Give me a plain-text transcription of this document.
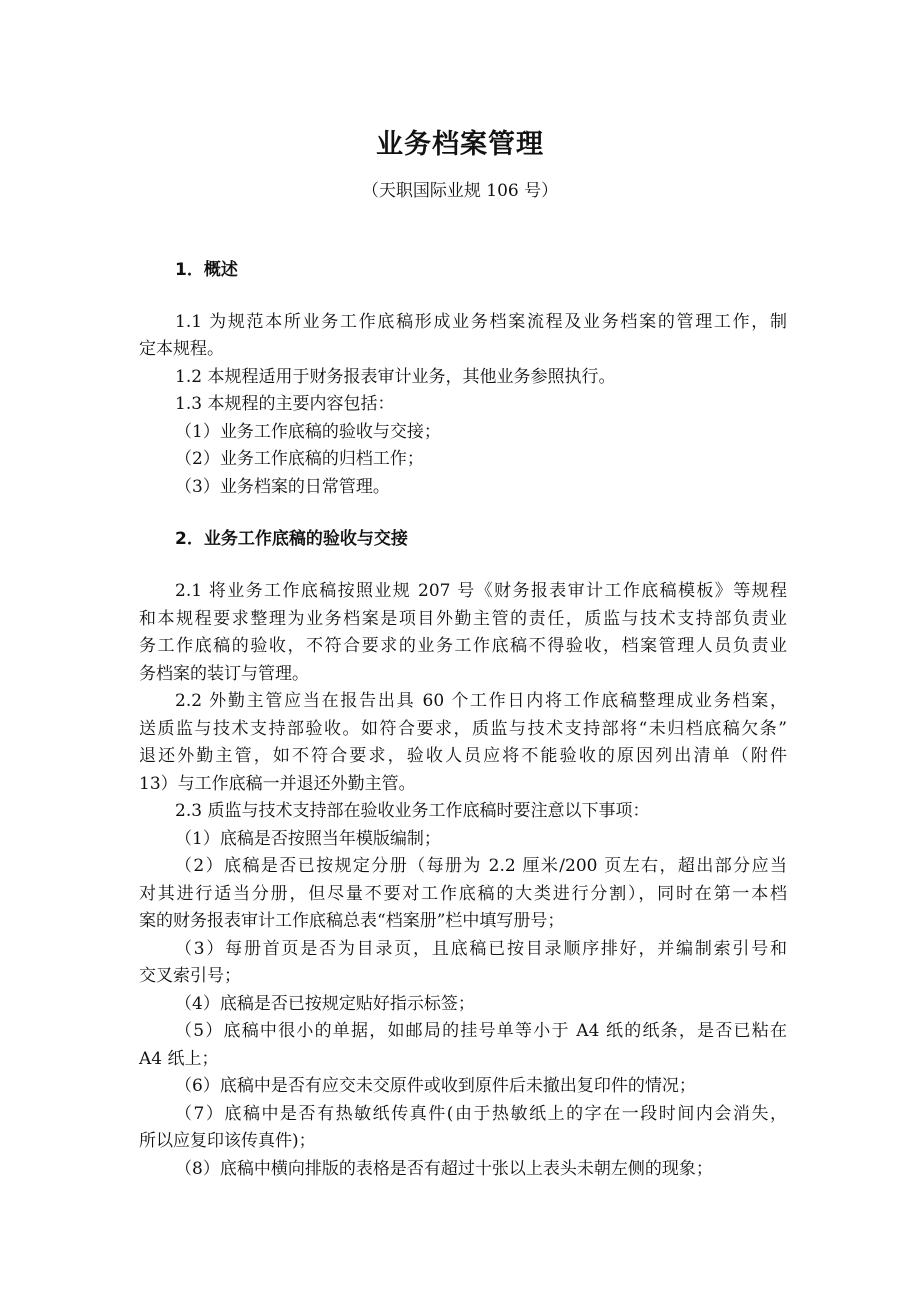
业务档案管理
（天职国际业规 106 号）
1．概述
1.1 为规范本所业务工作底稿形成业务档案流程及业务档案的管理工作，制
定本规程。
1.2 本规程适用于财务报表审计业务，其他业务参照执行。
1.3 本规程的主要内容包括：
（1）业务工作底稿的验收与交接；
（2）业务工作底稿的归档工作；
（3）业务档案的日常管理。
2．业务工作底稿的验收与交接
2.1 将业务工作底稿按照业规 207 号《财务报表审计工作底稿模板》等规程
和本规程要求整理为业务档案是项目外勤主管的责任，质监与技术支持部负责业
务工作底稿的验收，不符合要求的业务工作底稿不得验收，档案管理人员负责业
务档案的装订与管理。
2.2 外勤主管应当在报告出具 60 个工作日内将工作底稿整理成业务档案，
送质监与技术支持部验收。如符合要求，质监与技术支持部将“未归档底稿欠条”
退还外勤主管，如不符合要求，验收人员应将不能验收的原因列出清单（附件
13）与工作底稿一并退还外勤主管。
2.3 质监与技术支持部在验收业务工作底稿时要注意以下事项：
（1）底稿是否按照当年模版编制；
（2）底稿是否已按规定分册（每册为 2.2 厘米/200 页左右，超出部分应当
对其进行适当分册，但尽量不要对工作底稿的大类进行分割），同时在第一本档
案的财务报表审计工作底稿总表“档案册”栏中填写册号；
（3）每册首页是否为目录页，且底稿已按目录顺序排好，并编制索引号和
交叉索引号；
（4）底稿是否已按规定贴好指示标签；
（5）底稿中很小的单据，如邮局的挂号单等小于 A4 纸的纸条，是否已粘在
A4 纸上；
（6）底稿中是否有应交未交原件或收到原件后未撤出复印件的情况；
（7）底稿中是否有热敏纸传真件(由于热敏纸上的字在一段时间内会消失，
所以应复印该传真件)；
（8）底稿中横向排版的表格是否有超过十张以上表头未朝左侧的现象；
